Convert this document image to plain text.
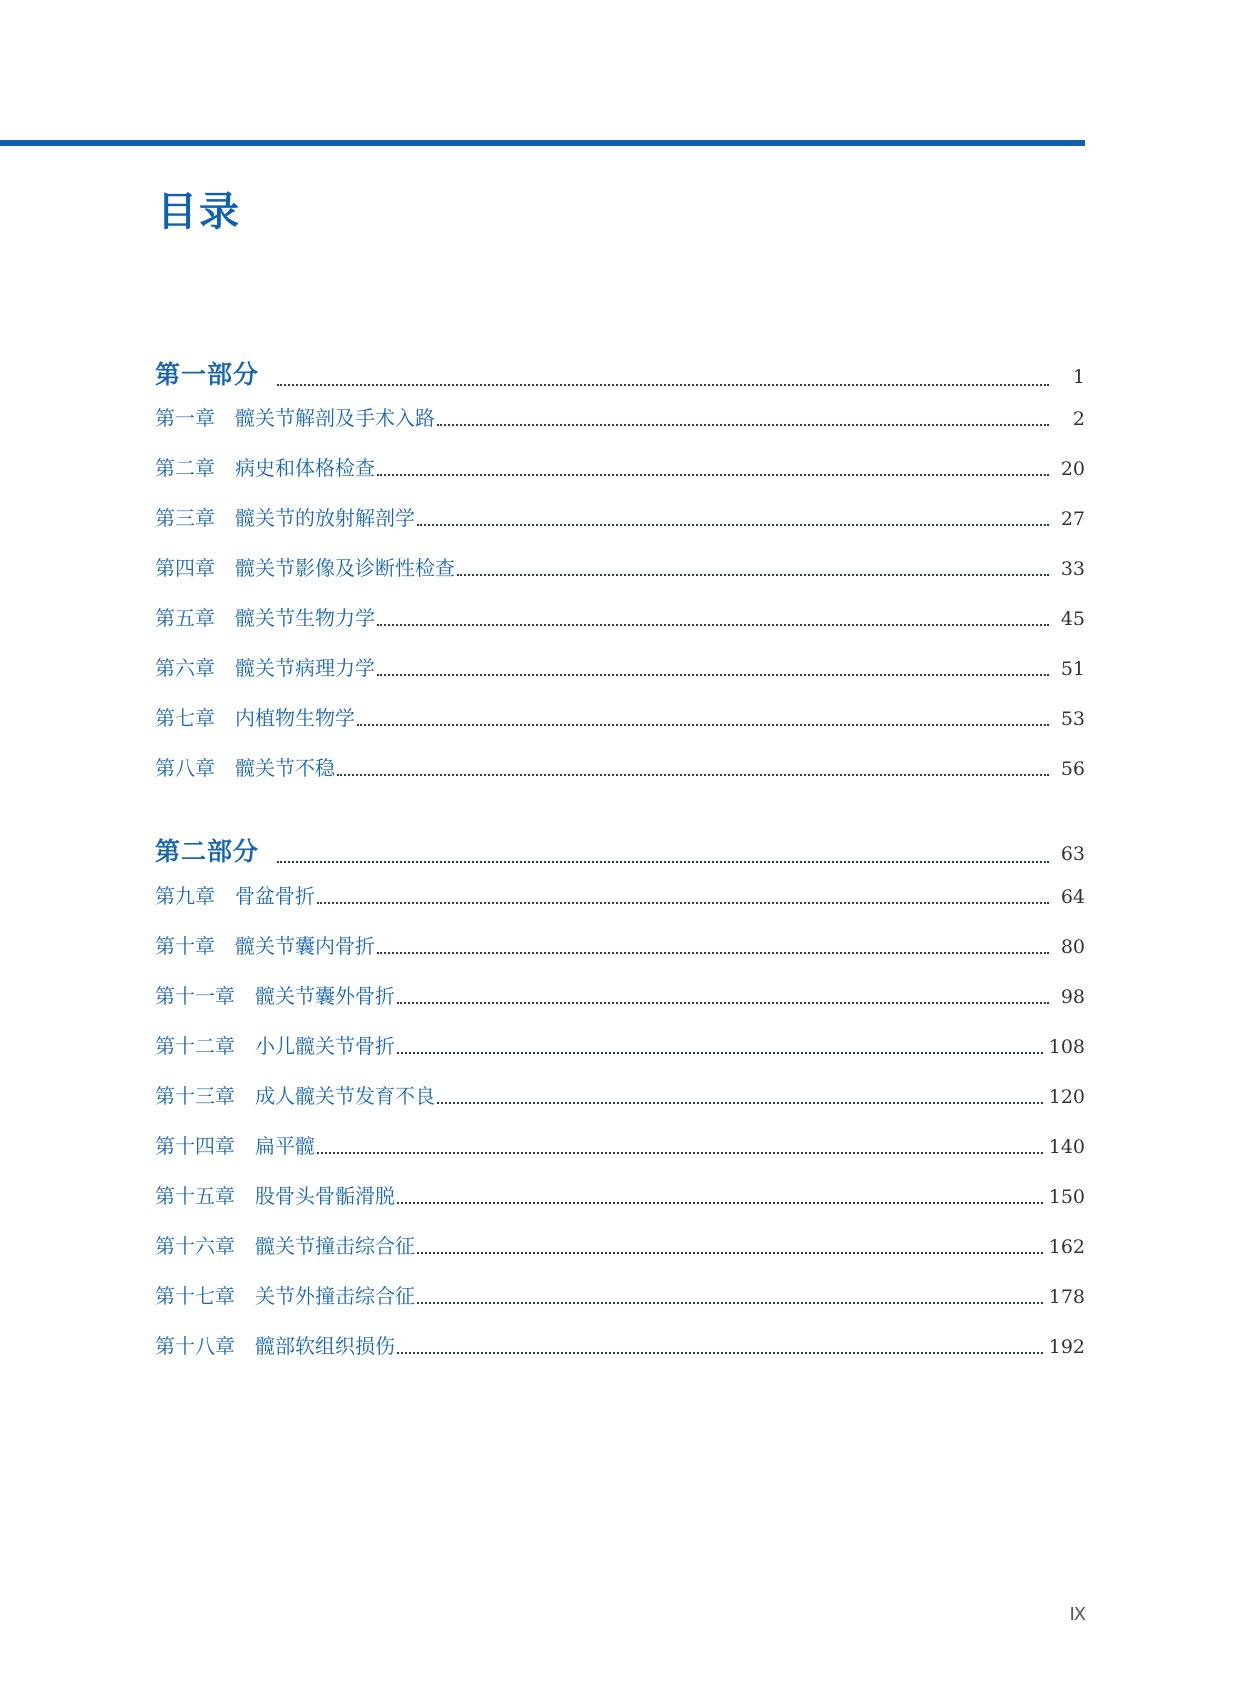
目录
第一部分	1
第一章 髋关节解剖及手术入路	2
第二章 病史和体格检查	20
第三章 髋关节的放射解剖学	27
第四章 髋关节影像及诊断性检查	33
第五章 髋关节生物力学	45
第六章 髋关节病理力学	51
第七章 内植物生物学	53
第八章 髋关节不稳	56
第二部分	63
第九章 骨盆骨折	64
第十章 髋关节囊内骨折	80
第十一章 髋关节囊外骨折	98
第十二章 小儿髋关节骨折	108
第十三章 成人髋关节发育不良	120
第十四章 扁平髋	140
第十五章 股骨头骨骺滑脱	150
第十六章 髋关节撞击综合征	162
第十七章 关节外撞击综合征	178
第十八章 髋部软组织损伤	192
Ⅸ
